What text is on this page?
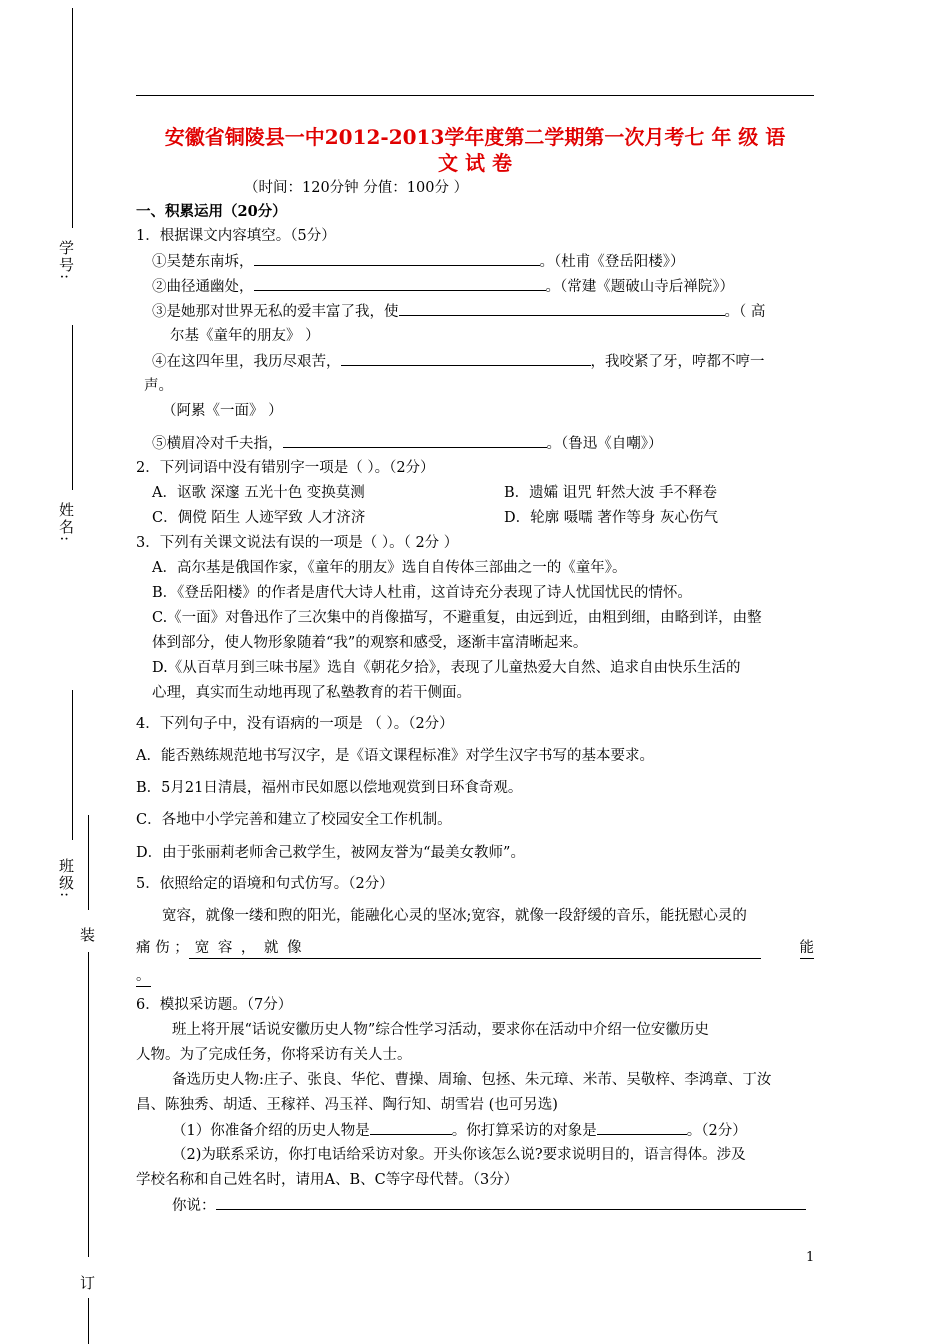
学号:
姓名:
班级:
装
订
安徽省铜陵县一中2012-2013学年度第二学期第一次月考七 年 级 语
文 试 卷
（时间：120分钟 分值：100分 ）
一、积累运用（20分）
1．根据课文内容填空。（5分）
①吴楚东南坼，	。（杜甫《登岳阳楼》）
②曲径通幽处，	。（常建《题破山寺后禅院》）
③是她那对世界无私的爱丰富了我，使	。（ 高
尔基《童年的朋友》 ）
④在这四年里，我历尽艰苦，	，我咬紧了牙，哼都不哼一
声。
（阿累《一面》 ）
⑤横眉冷对千夫指，	。（鲁迅《自嘲》）
2．下列词语中没有错别字一项是（ ）。（2分）
A．讴歌 深邃 五光十色 变换莫测	B．遗孀 诅咒 轩然大波 手不释卷
C．倜傥 陌生 人迹罕致 人才济济	D．轮廓 嗫嚅 著作等身 灰心伤气
3．下列有关课文说法有误的一项是（ ）。（ 2分 ）
A．高尔基是俄国作家，《童年的朋友》选自自传体三部曲之一的《童年》。
B．《登岳阳楼》的作者是唐代大诗人杜甫，这首诗充分表现了诗人忧国忧民的情怀。
C.《一面》对鲁迅作了三次集中的肖像描写，不避重复，由远到近，由粗到细，由略到详，由整
体到部分，使人物形象随着“我”的观察和感受，逐渐丰富清晰起来。
D.《从百草月到三味书屋》选自《朝花夕拾》，表现了儿童热爱大自然、追求自由快乐生活的
心理，真实而生动地再现了私塾教育的若干侧面。
4．下列句子中，没有语病的一项是 （ ）。（2分）
A．能否熟练规范地书写汉字，是《语文课程标准》对学生汉字书写的基本要求。
B．5月21日清晨，福州市民如愿以偿地观赏到日环食奇观。
C．各地中小学完善和建立了校园安全工作机制。
D．由于张丽莉老师舍己救学生，被网友誉为“最美女教师”。
5．依照给定的语境和句式仿写。（2分）
宽容，就像一缕和煦的阳光，能融化心灵的坚冰;宽容，就像一段舒缓的音乐，能抚慰心灵的
痛 伤 ； 宽 容 ， 就 像	能
。
6．模拟采访题。（7分）
班上将开展“话说安徽历史人物”综合性学习活动，要求你在活动中介绍一位安徽历史
人物。为了完成任务，你将采访有关人士。
备选历史人物:庄子、张良、华佗、曹操、周瑜、包拯、朱元璋、米芾、吴敬梓、李鸿章、丁汝
昌、陈独秀、胡适、王稼祥、冯玉祥、陶行知、胡雪岩 (也可另选)
（1）你准备介绍的历史人物是	。你打算采访的对象是	。（2分）
（2)为联系采访，你打电话给采访对象。开头你该怎么说?要求说明目的，语言得体。涉及
学校名称和自己姓名时，请用A、B、C等字母代替。（3分）
你说：
1
